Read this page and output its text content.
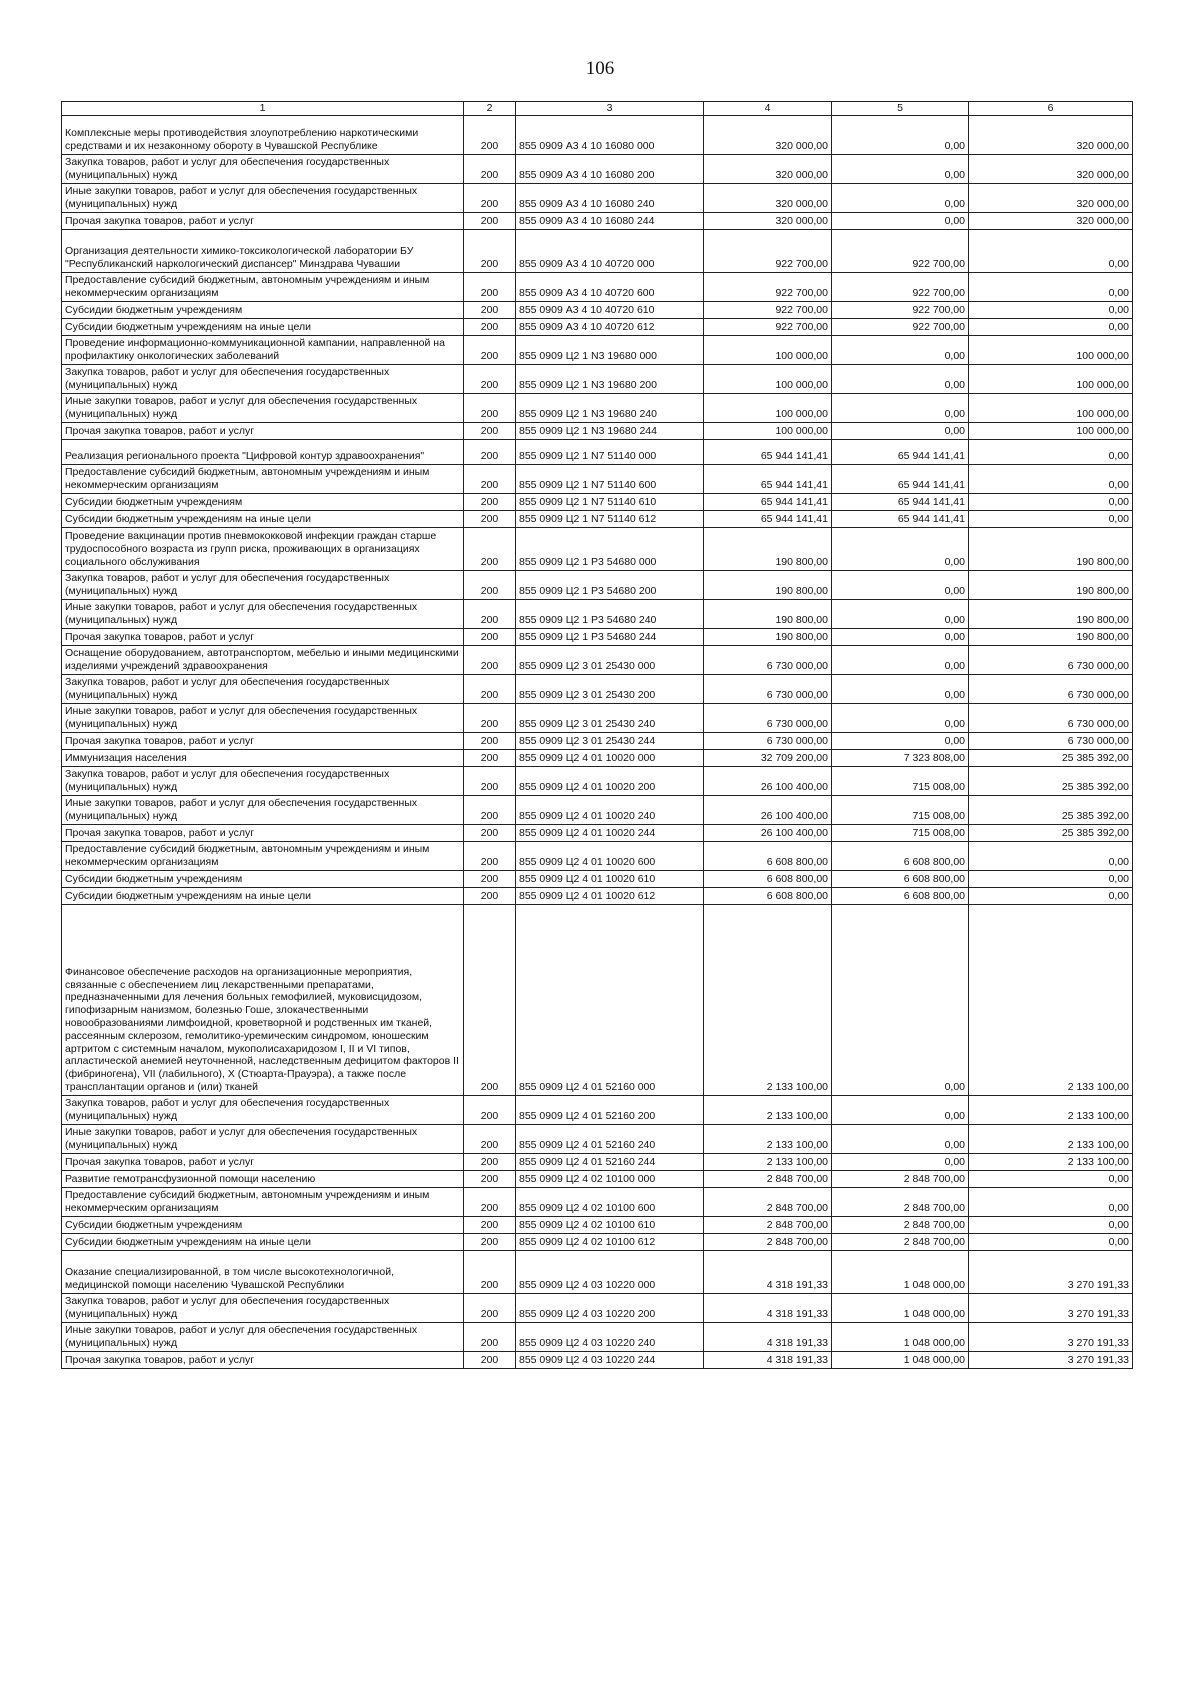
106
1	2	3	4	5	6
Комплексные меры противодействия злоупотреблению наркотическими средствами и их незаконному обороту в Чувашской Республике	200	855 0909 А3 4 10 16080 000	320 000,00	0,00	320 000,00
Закупка товаров, работ и услуг для обеспечения государственных (муниципальных) нужд	200	855 0909 А3 4 10 16080 200	320 000,00	0,00	320 000,00
Иные закупки товаров, работ и услуг для обеспечения государственных (муниципальных) нужд	200	855 0909 А3 4 10 16080 240	320 000,00	0,00	320 000,00
Прочая закупка товаров, работ и услуг	200	855 0909 А3 4 10 16080 244	320 000,00	0,00	320 000,00
Организация деятельности химико-токсикологической лаборатории БУ "Республиканский наркологический диспансер" Минздрава Чувашии	200	855 0909 А3 4 10 40720 000	922 700,00	922 700,00	0,00
Предоставление субсидий бюджетным, автономным учреждениям и иным некоммерческим организациям	200	855 0909 А3 4 10 40720 600	922 700,00	922 700,00	0,00
Субсидии бюджетным учреждениям	200	855 0909 А3 4 10 40720 610	922 700,00	922 700,00	0,00
Субсидии бюджетным учреждениям на иные цели	200	855 0909 А3 4 10 40720 612	922 700,00	922 700,00	0,00
Проведение информационно-коммуникационной кампании, направленной на профилактику онкологических заболеваний	200	855 0909 Ц2 1 N3 19680 000	100 000,00	0,00	100 000,00
Закупка товаров, работ и услуг для обеспечения государственных (муниципальных) нужд	200	855 0909 Ц2 1 N3 19680 200	100 000,00	0,00	100 000,00
Иные закупки товаров, работ и услуг для обеспечения государственных (муниципальных) нужд	200	855 0909 Ц2 1 N3 19680 240	100 000,00	0,00	100 000,00
Прочая закупка товаров, работ и услуг	200	855 0909 Ц2 1 N3 19680 244	100 000,00	0,00	100 000,00
Реализация регионального проекта "Цифровой контур здравоохранения"	200	855 0909 Ц2 1 N7 51140 000	65 944 141,41	65 944 141,41	0,00
Предоставление субсидий бюджетным, автономным учреждениям и иным некоммерческим организациям	200	855 0909 Ц2 1 N7 51140 600	65 944 141,41	65 944 141,41	0,00
Субсидии бюджетным учреждениям	200	855 0909 Ц2 1 N7 51140 610	65 944 141,41	65 944 141,41	0,00
Субсидии бюджетным учреждениям на иные цели	200	855 0909 Ц2 1 N7 51140 612	65 944 141,41	65 944 141,41	0,00
Проведение вакцинации против пневмококковой инфекции граждан старше трудоспособного возраста из групп риска, проживающих в организациях социального обслуживания	200	855 0909 Ц2 1 P3 54680 000	190 800,00	0,00	190 800,00
Закупка товаров, работ и услуг для обеспечения государственных (муниципальных) нужд	200	855 0909 Ц2 1 P3 54680 200	190 800,00	0,00	190 800,00
Иные закупки товаров, работ и услуг для обеспечения государственных (муниципальных) нужд	200	855 0909 Ц2 1 P3 54680 240	190 800,00	0,00	190 800,00
Прочая закупка товаров, работ и услуг	200	855 0909 Ц2 1 P3 54680 244	190 800,00	0,00	190 800,00
Оснащение оборудованием, автотранспортом, мебелью и иными медицинскими изделиями учреждений здравоохранения	200	855 0909 Ц2 3 01 25430 000	6 730 000,00	0,00	6 730 000,00
Закупка товаров, работ и услуг для обеспечения государственных (муниципальных) нужд	200	855 0909 Ц2 3 01 25430 200	6 730 000,00	0,00	6 730 000,00
Иные закупки товаров, работ и услуг для обеспечения государственных (муниципальных) нужд	200	855 0909 Ц2 3 01 25430 240	6 730 000,00	0,00	6 730 000,00
Прочая закупка товаров, работ и услуг	200	855 0909 Ц2 3 01 25430 244	6 730 000,00	0,00	6 730 000,00
Иммунизация населения	200	855 0909 Ц2 4 01 10020 000	32 709 200,00	7 323 808,00	25 385 392,00
Закупка товаров, работ и услуг для обеспечения государственных (муниципальных) нужд	200	855 0909 Ц2 4 01 10020 200	26 100 400,00	715 008,00	25 385 392,00
Иные закупки товаров, работ и услуг для обеспечения государственных (муниципальных) нужд	200	855 0909 Ц2 4 01 10020 240	26 100 400,00	715 008,00	25 385 392,00
Прочая закупка товаров, работ и услуг	200	855 0909 Ц2 4 01 10020 244	26 100 400,00	715 008,00	25 385 392,00
Предоставление субсидий бюджетным, автономным учреждениям и иным некоммерческим организациям	200	855 0909 Ц2 4 01 10020 600	6 608 800,00	6 608 800,00	0,00
Субсидии бюджетным учреждениям	200	855 0909 Ц2 4 01 10020 610	6 608 800,00	6 608 800,00	0,00
Субсидии бюджетным учреждениям на иные цели	200	855 0909 Ц2 4 01 10020 612	6 608 800,00	6 608 800,00	0,00
Финансовое обеспечение расходов на организационные мероприятия, связанные с обеспечением лиц лекарственными препаратами, предназначенными для лечения больных гемофилией, муковисцидозом, гипофизарным нанизмом, болезнью Гоше, злокачественными новообразованиями лимфоидной, кроветворной и родственных им тканей, рассеянным склерозом, гемолитико-уремическим синдромом, юношеским артритом с системным началом, мукополисахаридозом I, II и VI типов, апластической анемией неуточненной, наследственным дефицитом факторов II (фибриногена), VII (лабильного), X (Стюарта-Прауэра), а также после трансплантации органов и (или) тканей	200	855 0909 Ц2 4 01 52160 000	2 133 100,00	0,00	2 133 100,00
Закупка товаров, работ и услуг для обеспечения государственных (муниципальных) нужд	200	855 0909 Ц2 4 01 52160 200	2 133 100,00	0,00	2 133 100,00
Иные закупки товаров, работ и услуг для обеспечения государственных (муниципальных) нужд	200	855 0909 Ц2 4 01 52160 240	2 133 100,00	0,00	2 133 100,00
Прочая закупка товаров, работ и услуг	200	855 0909 Ц2 4 01 52160 244	2 133 100,00	0,00	2 133 100,00
Развитие гемотрансфузионной помощи населению	200	855 0909 Ц2 4 02 10100 000	2 848 700,00	2 848 700,00	0,00
Предоставление субсидий бюджетным, автономным учреждениям и иным некоммерческим организациям	200	855 0909 Ц2 4 02 10100 600	2 848 700,00	2 848 700,00	0,00
Субсидии бюджетным учреждениям	200	855 0909 Ц2 4 02 10100 610	2 848 700,00	2 848 700,00	0,00
Субсидии бюджетным учреждениям на иные цели	200	855 0909 Ц2 4 02 10100 612	2 848 700,00	2 848 700,00	0,00
Оказание специализированной, в том числе высокотехнологичной, медицинской помощи населению Чувашской Республики	200	855 0909 Ц2 4 03 10220 000	4 318 191,33	1 048 000,00	3 270 191,33
Закупка товаров, работ и услуг для обеспечения государственных (муниципальных) нужд	200	855 0909 Ц2 4 03 10220 200	4 318 191,33	1 048 000,00	3 270 191,33
Иные закупки товаров, работ и услуг для обеспечения государственных (муниципальных) нужд	200	855 0909 Ц2 4 03 10220 240	4 318 191,33	1 048 000,00	3 270 191,33
Прочая закупка товаров, работ и услуг	200	855 0909 Ц2 4 03 10220 244	4 318 191,33	1 048 000,00	3 270 191,33
